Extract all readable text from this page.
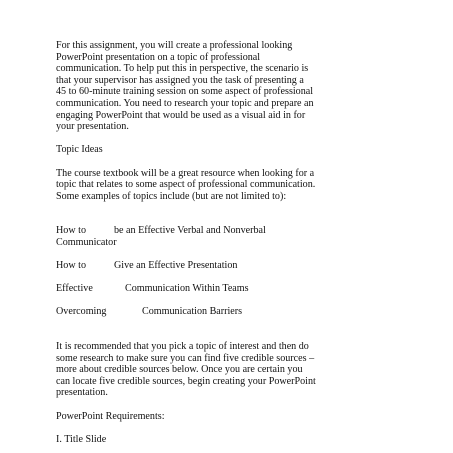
For this assignment, you will create a professional looking

PowerPoint presentation on a topic of professional

communication. To help put this in perspective, the scenario is

that your supervisor has assigned you the task of presenting a

45 to 60-minute training session on some aspect of professional

communication. You need to research your topic and prepare an

engaging PowerPoint that would be used as a visual aid in for

your presentation.

Topic Ideas

The course textbook will be a great resource when looking for a

topic that relates to some aspect of professional communication.

Some examples of topics include (but are not limited to):

How to	be an Effective Verbal and Nonverbal

Communicator

How to	Give an Effective Presentation
Effective	Communication Within Teams
Overcoming	Communication Barriers

It is recommended that you pick a topic of interest and then do

some research to make sure you can find five credible sources –

more about credible sources below. Once you are certain you

can locate five credible sources, begin creating your PowerPoint

presentation.

PowerPoint Requirements:

I. Title Slide
